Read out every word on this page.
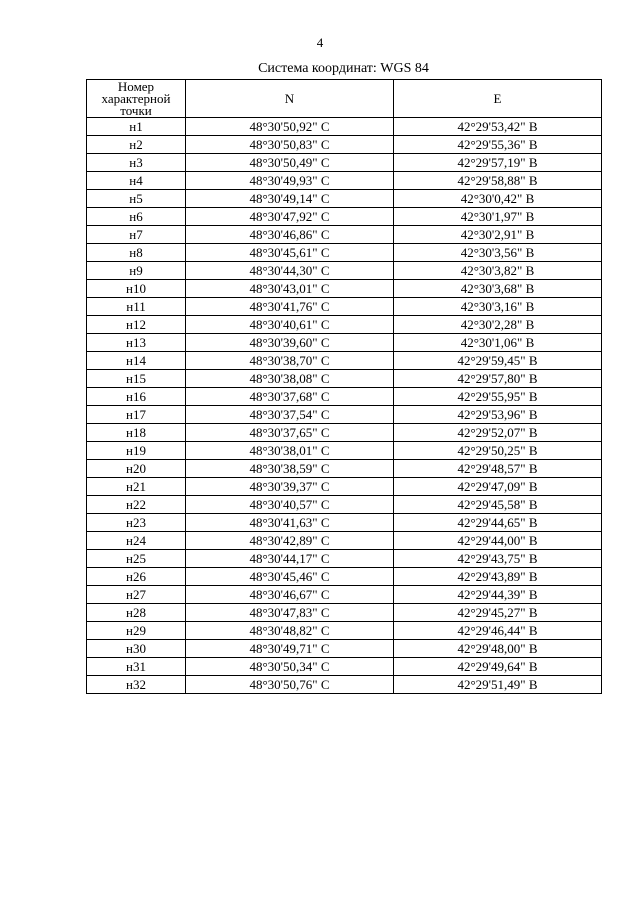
4
Система координат: WGS 84
Номер характерной точки	N	E
н1	48°30'50,92" С	42°29'53,42" В
н2	48°30'50,83" С	42°29'55,36" В
н3	48°30'50,49" С	42°29'57,19" В
н4	48°30'49,93" С	42°29'58,88" В
н5	48°30'49,14" С	42°30'0,42" В
н6	48°30'47,92" С	42°30'1,97" В
н7	48°30'46,86" С	42°30'2,91" В
н8	48°30'45,61" С	42°30'3,56" В
н9	48°30'44,30" С	42°30'3,82" В
н10	48°30'43,01" С	42°30'3,68" В
н11	48°30'41,76" С	42°30'3,16" В
н12	48°30'40,61" С	42°30'2,28" В
н13	48°30'39,60" С	42°30'1,06" В
н14	48°30'38,70" С	42°29'59,45" В
н15	48°30'38,08" С	42°29'57,80" В
н16	48°30'37,68" С	42°29'55,95" В
н17	48°30'37,54" С	42°29'53,96" В
н18	48°30'37,65" С	42°29'52,07" В
н19	48°30'38,01" С	42°29'50,25" В
н20	48°30'38,59" С	42°29'48,57" В
н21	48°30'39,37" С	42°29'47,09" В
н22	48°30'40,57" С	42°29'45,58" В
н23	48°30'41,63" С	42°29'44,65" В
н24	48°30'42,89" С	42°29'44,00" В
н25	48°30'44,17" С	42°29'43,75" В
н26	48°30'45,46" С	42°29'43,89" В
н27	48°30'46,67" С	42°29'44,39" В
н28	48°30'47,83" С	42°29'45,27" В
н29	48°30'48,82" С	42°29'46,44" В
н30	48°30'49,71" С	42°29'48,00" В
н31	48°30'50,34" С	42°29'49,64" В
н32	48°30'50,76" С	42°29'51,49" В
